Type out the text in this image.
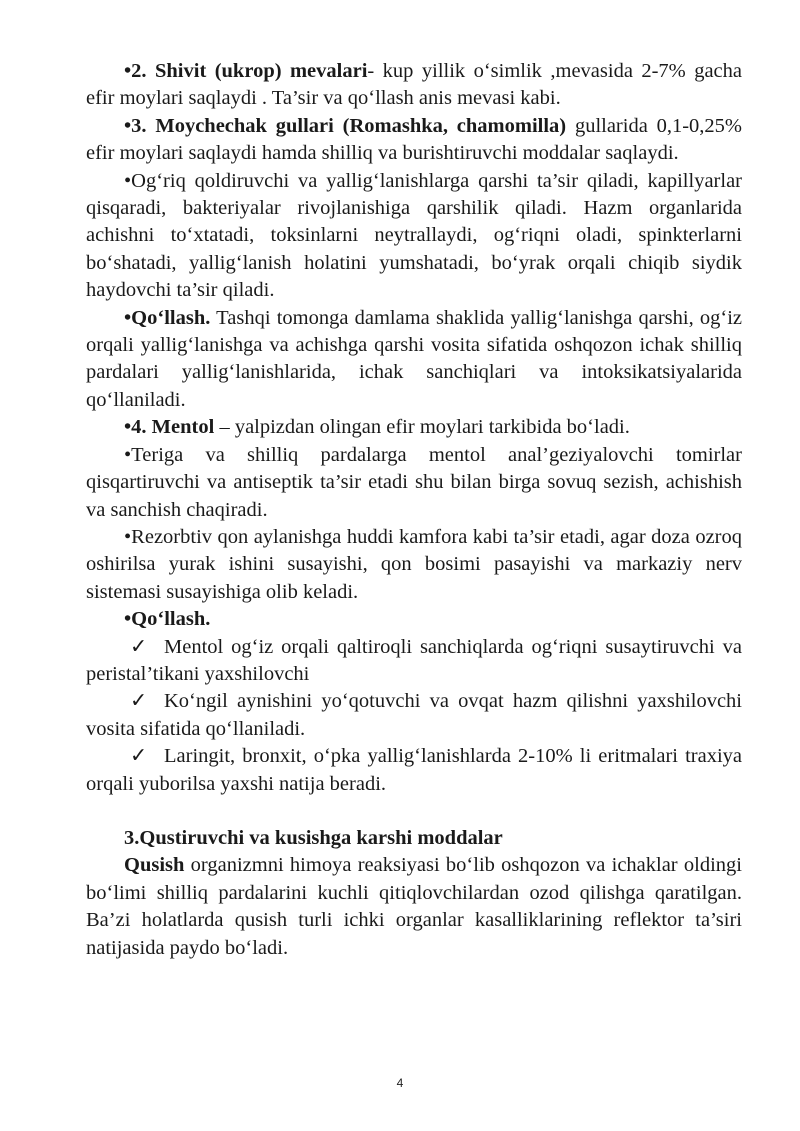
•2. Shivit (ukrop) mevalari- kup yillik o‘simlik ,mevasida 2-7% gacha efir moylari saqlaydi . Ta’sir va qo‘llash anis mevasi kabi.

•3. Moychechak gullari (Romashka, chamomilla) gullarida 0,1-0,25% efir moylari saqlaydi hamda shilliq va burishtiruvchi moddalar saqlaydi.

•Og‘riq qoldiruvchi va yallig‘lanishlarga qarshi ta’sir qiladi, kapillyarlar qisqaradi, bakteriyalar rivojlanishiga qarshilik qiladi. Hazm organlarida achishni to‘xtatadi, toksinlarni neytrallaydi, og‘riqni oladi, spinkterlarni bo‘shatadi, yallig‘lanish holatini yumshatadi, bo‘yrak orqali chiqib siydik haydovchi ta’sir qiladi.

•Qo‘llash. Tashqi tomonga damlama shaklida yallig‘lanishga qarshi, og‘iz orqali yallig‘lanishga va achishga qarshi vosita sifatida oshqozon ichak shilliq pardalari yallig‘lanishlarida, ichak sanchiqlari va intoksikatsiyalarida qo‘llaniladi.

•4. Mentol – yalpizdan olingan efir moylari tarkibida bo‘ladi.

•Teriga va shilliq pardalarga mentol anal’geziyalovchi tomirlar qisqartiruvchi va antiseptik ta’sir etadi shu bilan birga sovuq sezish, achishish va sanchish chaqiradi.

•Rezorbtiv qon aylanishga huddi kamfora kabi ta’sir etadi, agar doza ozroq oshirilsa yurak ishini susayishi, qon bosimi pasayishi va markaziy nerv sistemasi susayishiga olib keladi.

•Qo‘llash.

✓ Mentol og‘iz orqali qaltiroqli sanchiqlarda og‘riqni susaytiruvchi va peristal’tikani yaxshilovchi

✓ Ko‘ngil aynishini yo‘qotuvchi va ovqat hazm qilishni yaxshilovchi vosita sifatida qo‘llaniladi.

✓ Laringit, bronxit, o‘pka yallig‘lanishlarda 2-10% li eritmalari traxiya orqali yuborilsa yaxshi natija beradi.

3.Qustiruvchi va kusishga karshi moddalar

Qusish organizmni himoya reaksiyasi bo‘lib oshqozon va ichaklar oldingi bo‘limi shilliq pardalarini kuchli qitiqlovchilardan ozod qilishga qaratilgan. Ba’zi holatlarda qusish turli ichki organlar kasalliklarining reflektor ta’siri natijasida paydo bo‘ladi.

4
